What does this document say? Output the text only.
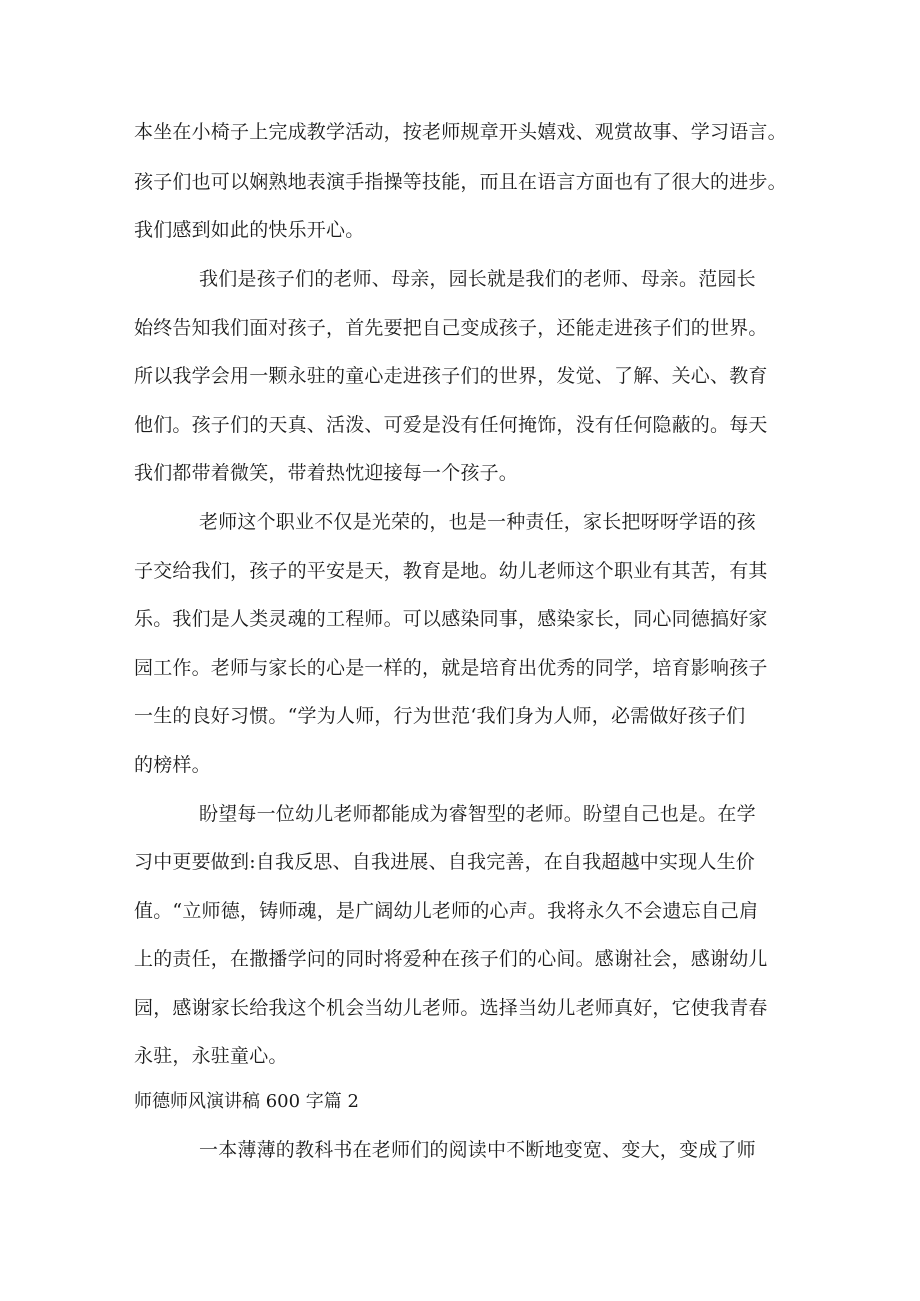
本坐在小椅子上完成教学活动，按老师规章开头嬉戏、观赏故事、学习语言。
孩子们也可以娴熟地表演手指操等技能，而且在语言方面也有了很大的进步。
我们感到如此的快乐开心。
我们是孩子们的老师、母亲，园长就是我们的老师、母亲。范园长
始终告知我们面对孩子，首先要把自己变成孩子，还能走进孩子们的世界。
所以我学会用一颗永驻的童心走进孩子们的世界，发觉、了解、关心、教育
他们。孩子们的天真、活泼、可爱是没有任何掩饰，没有任何隐蔽的。每天
我们都带着微笑，带着热忱迎接每一个孩子。
老师这个职业不仅是光荣的，也是一种责任，家长把呀呀学语的孩
子交给我们，孩子的平安是天，教育是地。幼儿老师这个职业有其苦，有其
乐。我们是人类灵魂的工程师。可以感染同事，感染家长，同心同德搞好家
园工作。老师与家长的心是一样的，就是培育出优秀的同学，培育影响孩子
一生的良好习惯。“学为人师，行为世范‘我们身为人师，必需做好孩子们
的榜样。
盼望每一位幼儿老师都能成为睿智型的老师。盼望自己也是。在学
习中更要做到:自我反思、自我进展、自我完善，在自我超越中实现人生价
值。“立师德，铸师魂，是广阔幼儿老师的心声。我将永久不会遗忘自己肩
上的责任，在撒播学问的同时将爱种在孩子们的心间。感谢社会，感谢幼儿
园，感谢家长给我这个机会当幼儿老师。选择当幼儿老师真好，它使我青春
永驻，永驻童心。
师德师风演讲稿 600 字篇 2
一本薄薄的教科书在老师们的阅读中不断地变宽、变大，变成了师
